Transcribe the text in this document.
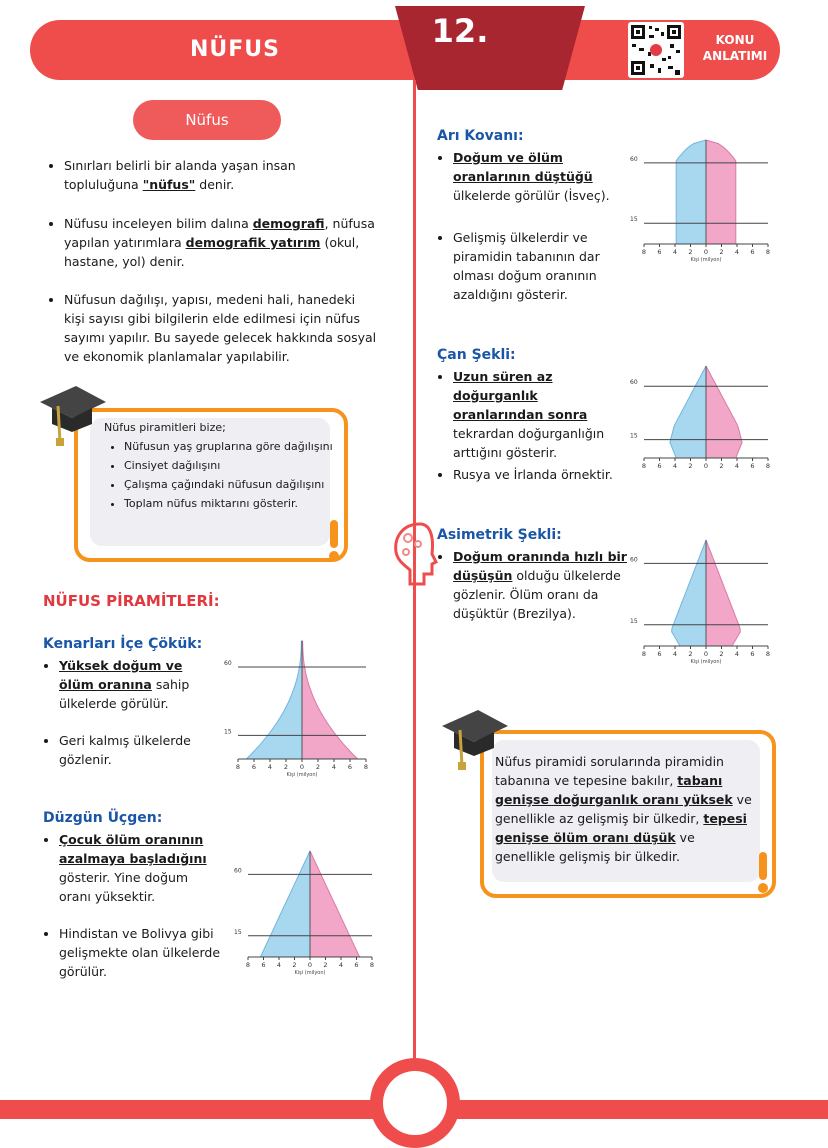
NÜFUS	12.	KONU
ANLATIMI
Nüfus
• Sınırları belirli bir alanda yaşan insan topluluğuna "nüfus" denir.
• Nüfusu inceleyen bilim dalına demografi, nüfusa yapılan yatırımlara demografik yatırım (okul, hastane, yol) denir.
• Nüfusun dağılışı, yapısı, medeni hali, hanedeki kişi sayısı gibi bilgilerin elde edilmesi için nüfus sayımı yapılır. Bu sayede gelecek hakkında sosyal ve ekonomik planlamalar yapılabilir.
Nüfus piramitleri bize;
• Nüfusun yaş gruplarına göre dağılışını
• Cinsiyet dağılışını
• Çalışma çağındaki nüfusun dağılışını
• Toplam nüfus miktarını gösterir.
NÜFUS PİRAMİTLERİ:
Kenarları İçe Çökük:
• Yüksek doğum ve ölüm oranına sahip ülkelerde görülür.
• Geri kalmış ülkelerde gözlenir.
60
15
8 6 4 2 0 2 4 6 8
Kişi (milyon)
Düzgün Üçgen:
• Çocuk ölüm oranının azalmaya başladığını gösterir. Yine doğum oranı yüksektir.
• Hindistan ve Bolivya gibi gelişmekte olan ülkelerde görülür.
60
15
8 6 4 2 0 2 4 6 8
Kişi (milyon)
Arı Kovanı:
• Doğum ve ölüm oranlarının düştüğü ülkelerde görülür (İsveç).
• Gelişmiş ülkelerdir ve piramidin tabanının dar olması doğum oranının azaldığını gösterir.
60
15
8 6 4 2 0 2 4 6 8
Kişi (milyon)
Çan Şekli:
• Uzun süren az doğurganlık oranlarından sonra tekrardan doğurganlığın arttığını gösterir.
• Rusya ve İrlanda örnektir.
60
15
8 6 4 2 0 2 4 6 8
Asimetrik Şekli:
• Doğum oranında hızlı bir düşüşün olduğu ülkelerde gözlenir. Ölüm oranı da düşüktür (Brezilya).
60
15
8 6 4 2 0 2 4 6 8
Kişi (milyon)
Nüfus piramidi sorularında piramidin tabanına ve tepesine bakılır, tabanı genişse doğurganlık oranı yüksek ve genellikle az gelişmiş bir ülkedir, tepesi genişse ölüm oranı düşük ve genellikle gelişmiş bir ülkedir.
